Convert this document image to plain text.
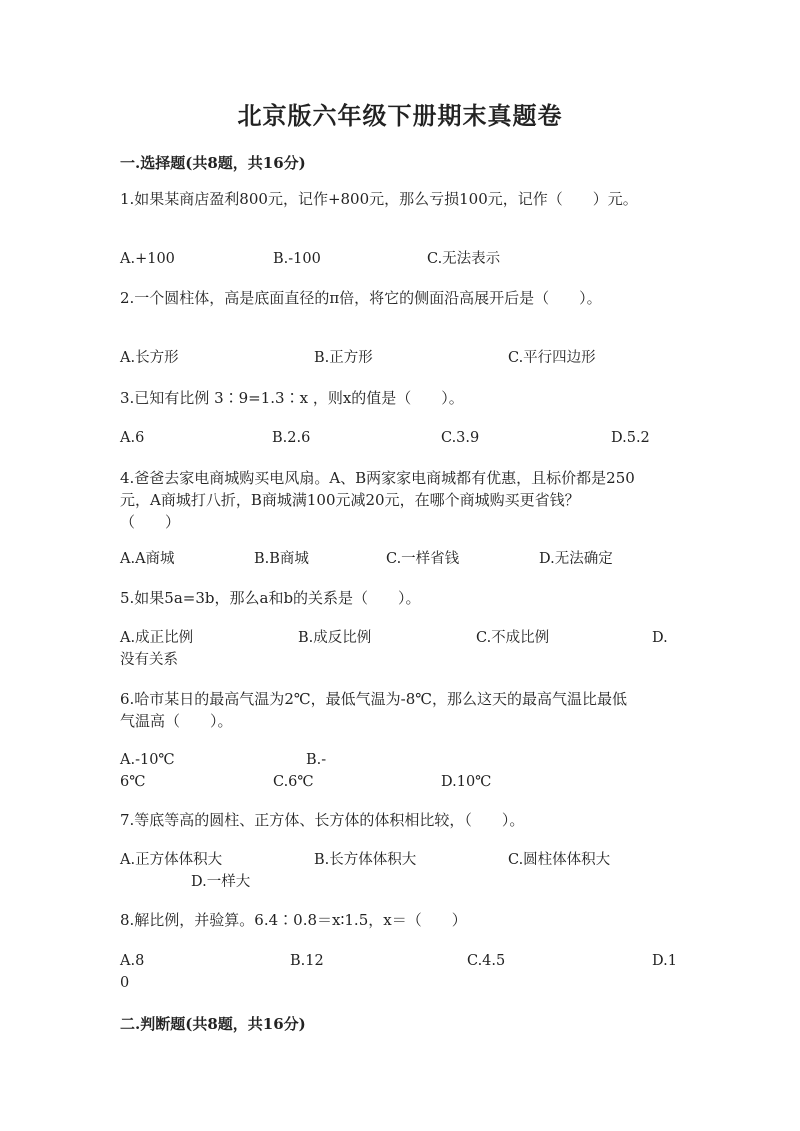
北京版六年级下册期末真题卷
一.选择题(共8题，共16分)
1.如果某商店盈利800元，记作+800元，那么亏损100元，记作（　　）元。
A.+100	B.-100	C.无法表示
2.一个圆柱体，高是底面直径的π倍，将它的侧面沿高展开后是（　　）。
A.长方形	B.正方形	C.平行四边形
3.已知有比例 3∶9=1.3∶x ，则x的值是（　　）。
A.6	B.2.6	C.3.9	D.5.2
4.爸爸去家电商城购买电风扇。A、B两家家电商城都有优惠，且标价都是250
元，A商城打八折，B商城满100元减20元，在哪个商城购买更省钱？
（　　）
A.A商城	B.B商城	C.一样省钱	D.无法确定
5.如果5a=3b，那么a和b的关系是（　　）。
A.成正比例	B.成反比例	C.不成比例	D.
没有关系
6.哈市某日的最高气温为2℃，最低气温为-8℃，那么这天的最高气温比最低
气温高（　　）。
A.-10℃	B.-
6℃	C.6℃	D.10℃
7.等底等高的圆柱、正方体、长方体的体积相比较，（　　）。
A.正方体体积大	B.长方体体积大	C.圆柱体体积大
D.一样大
8.解比例，并验算。6.4∶0.8＝x∶1.5，x＝（　　）
A.8	B.12	C.4.5	D.1
0
二.判断题(共8题，共16分)
